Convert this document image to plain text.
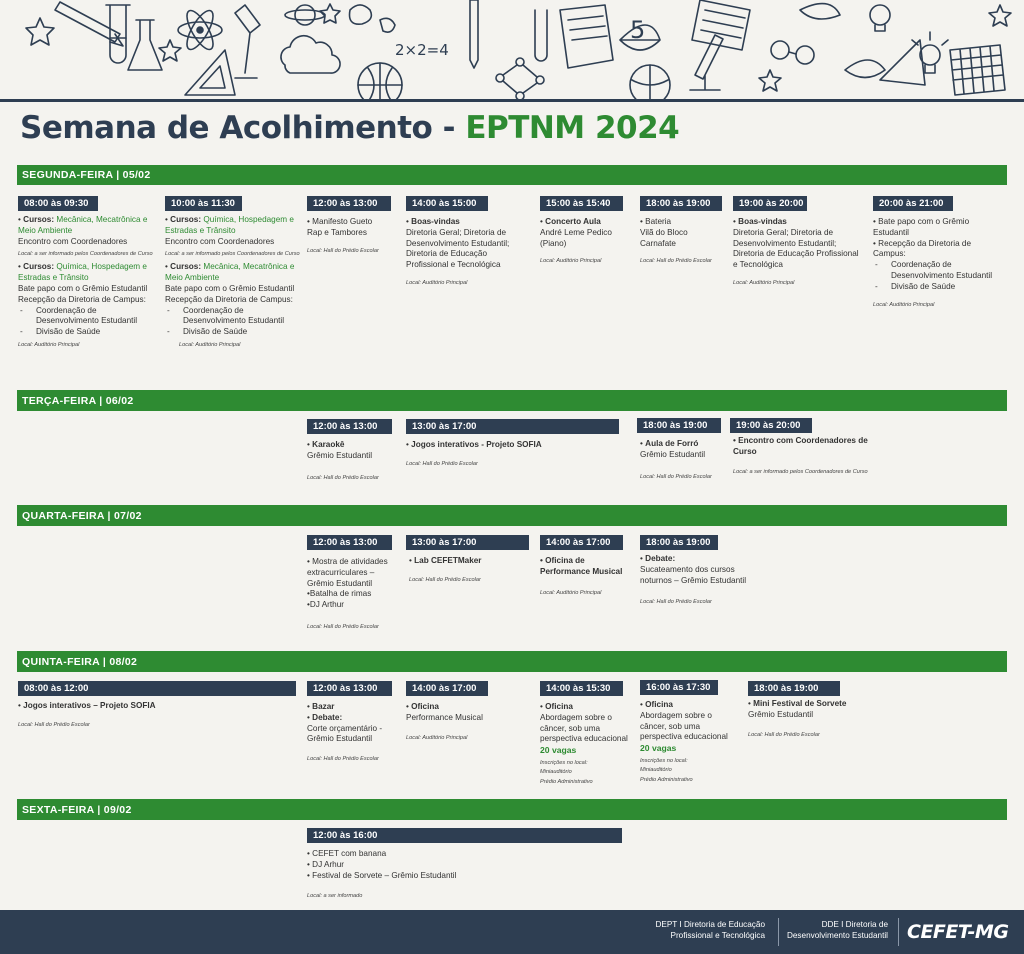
2×2=4
5
Semana de Acolhimento - EPTNM 2024
SEGUNDA-FEIRA | 05/02
08:00 às 09:30

• Cursos: Mecânica, Mecatrônica e Meio Ambiente

Encontro com Coordenadores

Local: a ser informado pelos Coordenadores de Curso

• Cursos: Química, Hospedagem e Estradas e Trânsito

Bate papo com o Grêmio Estudantil

Recepção da Diretoria de Campus:

- Coordenação de Desenvolvimento Estudantil

- Divisão de Saúde

Local: Auditório Principal

10:00 às 11:30

• Cursos: Química, Hospedagem e Estradas e Trânsito

Encontro com Coordenadores

Local: a ser informado pelos Coordenadores de Curso

• Cursos: Mecânica, Mecatrônica e Meio Ambiente

Bate papo com o Grêmio Estudantil

Recepção da Diretoria de Campus:

- Coordenação de Desenvolvimento Estudantil

- Divisão de Saúde

Local: Auditório Principal

12:00 às 13:00

• Manifesto Gueto

Rap e Tambores

Local: Hall do Prédio Escolar

14:00 às 15:00

• Boas-vindas

Diretoria Geral; Diretoria de Desenvolvimento Estudantil; Diretoria de Educação Profissional e Tecnológica

Local: Auditório Principal

15:00 às 15:40

• Concerto Aula

André Leme Pedico (Piano)

Local: Auditório Principal

18:00 às 19:00

• Bateria

Vilã do Bloco

Carnafate

Local: Hall do Prédio Escolar

19:00 às 20:00

• Boas-vindas

Diretoria Geral; Diretoria de Desenvolvimento Estudantil; Diretoria de Educação Profissional e Tecnológica

Local: Auditório Principal

20:00 às 21:00

• Bate papo com o Grêmio Estudantil

• Recepção da Diretoria de Campus:

- Coordenação de Desenvolvimento Estudantil

- Divisão de Saúde

Local: Auditório Principal

TERÇA-FEIRA | 06/02
12:00 às 13:00

• Karaokê

Grêmio Estudantil

Local: Hall do Prédio Escolar

13:00 às 17:00

• Jogos interativos - Projeto SOFIA

Local: Hall do Prédio Escolar

18:00 às 19:00

• Aula de Forró

Grêmio Estudantil

Local: Hall do Prédio Escolar

19:00 às 20:00

• Encontro com Coordenadores de Curso

Local: a ser informado pelos Coordenadores de Curso

QUARTA-FEIRA | 07/02
12:00 às 13:00

• Mostra de atividades extracurriculares – Grêmio Estudantil

•Batalha de rimas

•DJ Arthur

Local: Hall do Prédio Escolar

13:00 às 17:00

• Lab CEFETMaker

Local: Hall do Prédio Escolar

14:00 às 17:00

• Oficina de Performance Musical

Local: Auditório Principal

18:00 às 19:00

• Debate:

Sucateamento dos cursos noturnos – Grêmio Estudantil

Local: Hall do Prédio Escolar

QUINTA-FEIRA | 08/02
08:00 às 12:00

• Jogos interativos – Projeto SOFIA

Local: Hall do Prédio Escolar

12:00 às 13:00

• Bazar

• Debate:

Corte orçamentário - Grêmio Estudantil

Local: Hall do Prédio Escolar

14:00 às 17:00

• Oficina

Performance Musical

Local: Auditório Principal

14:00 às 15:30

• Oficina

Abordagem sobre o câncer, sob uma perspectiva educacional

20 vagas

Inscrições no local:

Miniauditório

Prédio Administrativo

16:00 às 17:30

• Oficina

Abordagem sobre o câncer, sob uma perspectiva educacional

20 vagas

Inscrições no local:

Miniauditório

Prédio Administrativo

18:00 às 19:00

• Mini Festival de Sorvete

Grêmio Estudantil

Local: Hall do Prédio Escolar

SEXTA-FEIRA | 09/02
12:00 às 16:00

• CEFET com banana

• DJ Arhur

• Festival de Sorvete – Grêmio Estudantil

Local: a ser informado

DEPT I Diretoria de Educação
Profissional e Tecnológica
DDE I Diretoria de
Desenvolvimento Estudantil CEFET-MG
